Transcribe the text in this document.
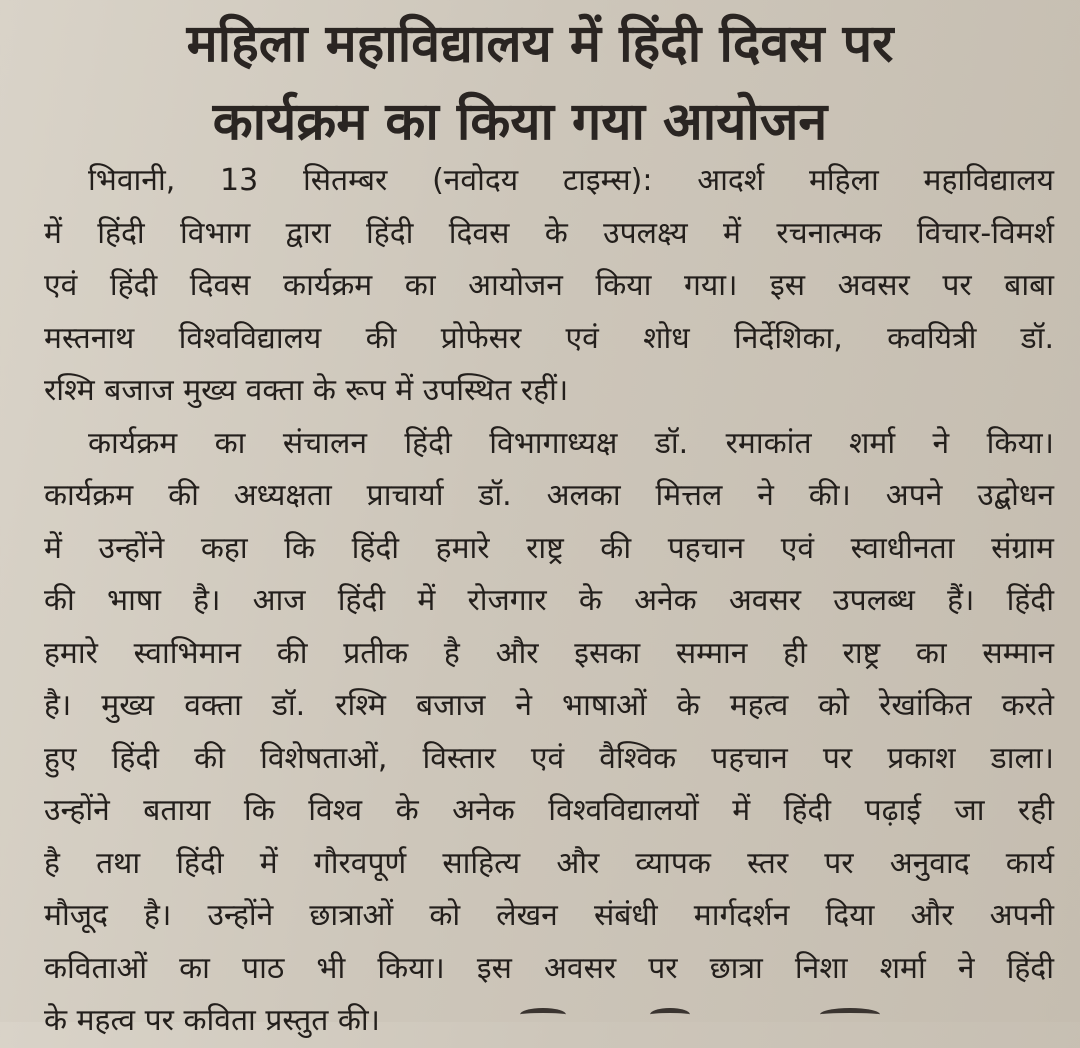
महिला महाविद्यालय में हिंदी दिवस पर
कार्यक्रम का किया गया आयोजन
भिवानी, 13 सितम्बर (नवोदय टाइम्स): आदर्श महिला महाविद्यालय
में हिंदी विभाग द्वारा हिंदी दिवस के उपलक्ष्य में रचनात्मक विचार-विमर्श
एवं हिंदी दिवस कार्यक्रम का आयोजन किया गया। इस अवसर पर बाबा
मस्तनाथ विश्वविद्यालय की प्रोफेसर एवं शोध निर्देशिका, कवयित्री डॉ.
रश्मि बजाज मुख्य वक्ता के रूप में उपस्थित रहीं।
कार्यक्रम का संचालन हिंदी विभागाध्यक्ष डॉ. रमाकांत शर्मा ने किया।
कार्यक्रम की अध्यक्षता प्राचार्या डॉ. अलका मित्तल ने की। अपने उद्बोधन
में उन्होंने कहा कि हिंदी हमारे राष्ट्र की पहचान एवं स्वाधीनता संग्राम
की भाषा है। आज हिंदी में रोजगार के अनेक अवसर उपलब्ध हैं। हिंदी
हमारे स्वाभिमान की प्रतीक है और इसका सम्मान ही राष्ट्र का सम्मान
है। मुख्य वक्ता डॉ. रश्मि बजाज ने भाषाओं के महत्व को रेखांकित करते
हुए हिंदी की विशेषताओं, विस्तार एवं वैश्विक पहचान पर प्रकाश डाला।
उन्होंने बताया कि विश्व के अनेक विश्वविद्यालयों में हिंदी पढ़ाई जा रही
है तथा हिंदी में गौरवपूर्ण साहित्य और व्यापक स्तर पर अनुवाद कार्य
मौजूद है। उन्होंने छात्राओं को लेखन संबंधी मार्गदर्शन दिया और अपनी
कविताओं का पाठ भी किया। इस अवसर पर छात्रा निशा शर्मा ने हिंदी
के महत्व पर कविता प्रस्तुत की।
